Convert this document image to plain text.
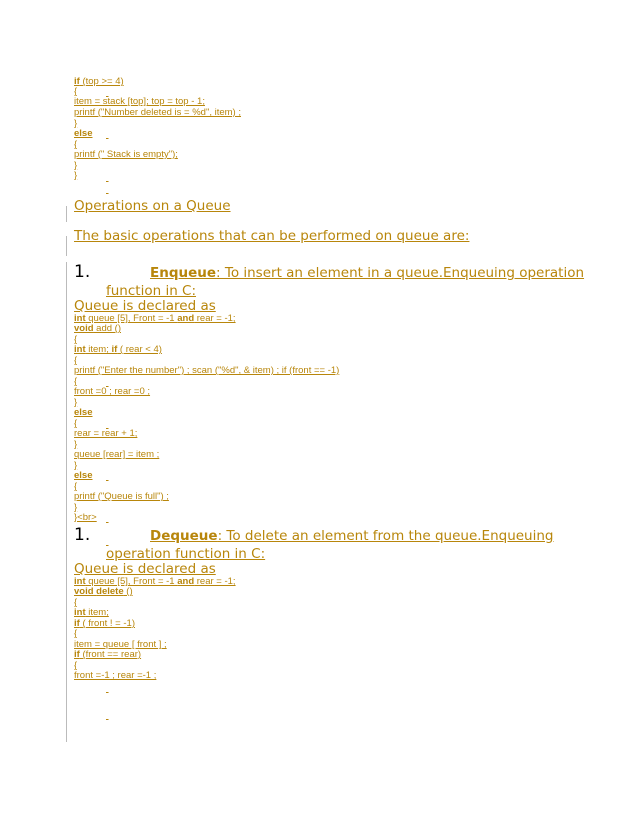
if (top >= 4)
{

item = stack [top]; top = top - 1;
printf ("Number deleted is = %d", item) ;
}
else

{
printf (" Stack is empty");
}
}

Operations on a Queue
The basic operations that can be performed on queue are:
1.	Enqueue: To insert an element in a queue.Enqueuing operation
function in C:
Queue is declared as
int queue [5], Front = -1 and rear = -1;
void add ()
{
int item; if ( rear < 4)
{
printf ("Enter the number") ; scan ("%d", & item) ; if (front == -1)
{

front =0 ; rear =0 ;
}
else
{

rear = rear + 1;
}
queue [rear] = item ;
}
else

{
printf ("Queue is full") ;
}
}<br>

1.
	Dequeue: To delete an element from the queue.Enqueuing
operation function in C:
Queue is declared as
int queue [5], Front = -1 and rear = -1;
void delete ()
{
int item;
if ( front ! = -1)
{
item = queue [ front ] ;
if (front == rear)
{
front =-1 ; rear =-1 ;
